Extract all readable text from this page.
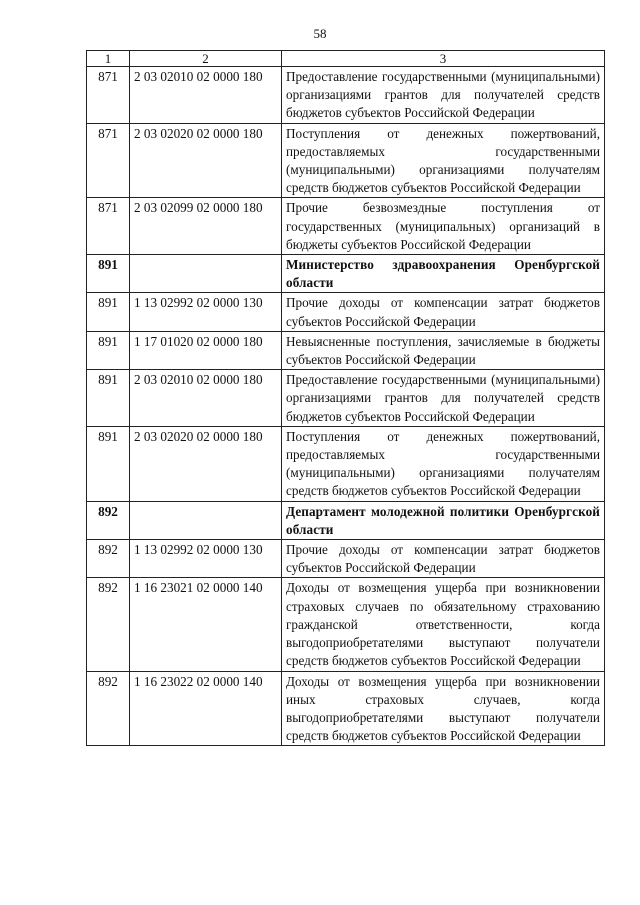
58
1	2	3
871	2 03 02010 02 0000 180	Предоставление государственными (муниципальными) организациями грантов для получателей средств бюджетов субъектов Российской Федерации
871	2 03 02020 02 0000 180	Поступления от денежных пожертвований, предоставляемых государственными (муниципальными) организациями получателям средств бюджетов субъектов Российской Федерации
871	2 03 02099 02 0000 180	Прочие безвозмездные поступления от государственных (муниципальных) организаций в бюджеты субъектов Российской Федерации
891		Министерство здравоохранения Оренбургской области
891	1 13 02992 02 0000 130	Прочие доходы от компенсации затрат бюджетов субъектов Российской Федерации
891	1 17 01020 02 0000 180	Невыясненные поступления, зачисляемые в бюджеты субъектов Российской Федерации
891	2 03 02010 02 0000 180	Предоставление государственными (муниципальными) организациями грантов для получателей средств бюджетов субъектов Российской Федерации
891	2 03 02020 02 0000 180	Поступления от денежных пожертвований, предоставляемых государственными (муниципальными) организациями получателям средств бюджетов субъектов Российской Федерации
892		Департамент молодежной политики Оренбургской области
892	1 13 02992 02 0000 130	Прочие доходы от компенсации затрат бюджетов субъектов Российской Федерации
892	1 16 23021 02 0000 140	Доходы от возмещения ущерба при возникновении страховых случаев по обязательному страхованию гражданской ответственности, когда выгодоприобретателями выступают получатели средств бюджетов субъектов Российской Федерации
892	1 16 23022 02 0000 140	Доходы от возмещения ущерба при возникновении иных страховых случаев, когда выгодоприобретателями выступают получатели средств бюджетов субъектов Российской Федерации
